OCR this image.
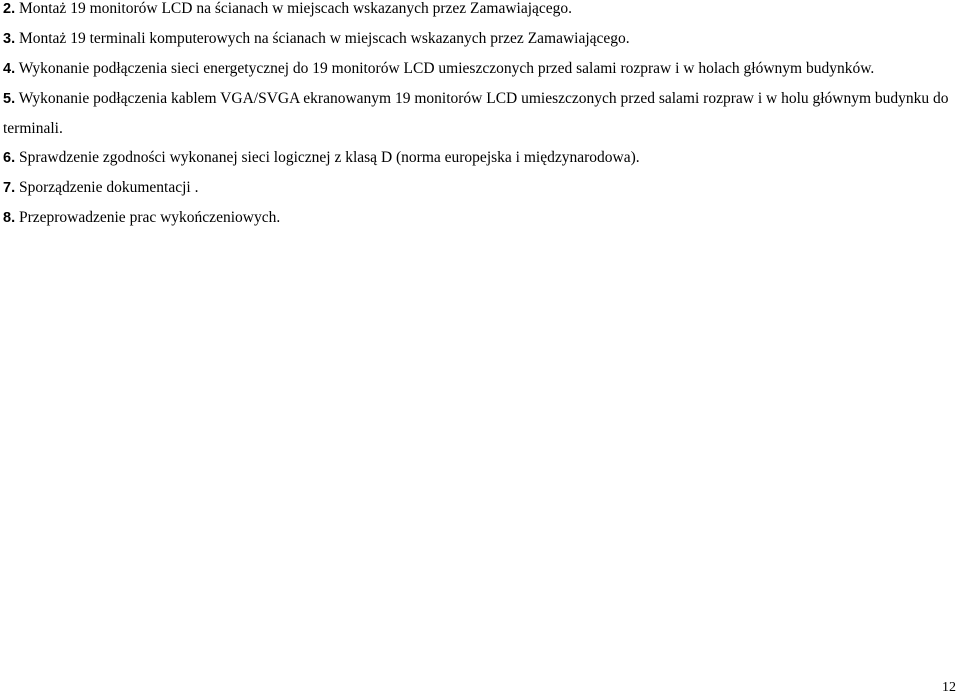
2. Montaż 19 monitorów LCD na ścianach w miejscach wskazanych przez Zamawiającego.

3. Montaż 19 terminali komputerowych na ścianach w miejscach wskazanych przez Zamawiającego.

4. Wykonanie podłączenia sieci energetycznej do 19 monitorów LCD umieszczonych przed salami rozpraw i w holach głównym budynków.

5. Wykonanie podłączenia kablem VGA/SVGA ekranowanym 19 monitorów LCD umieszczonych przed salami rozpraw i w holu głównym budynku do terminali.

6. Sprawdzenie zgodności wykonanej sieci logicznej z klasą D (norma europejska i międzynarodowa).

7. Sporządzenie dokumentacji .

8. Przeprowadzenie prac wykończeniowych.

12
